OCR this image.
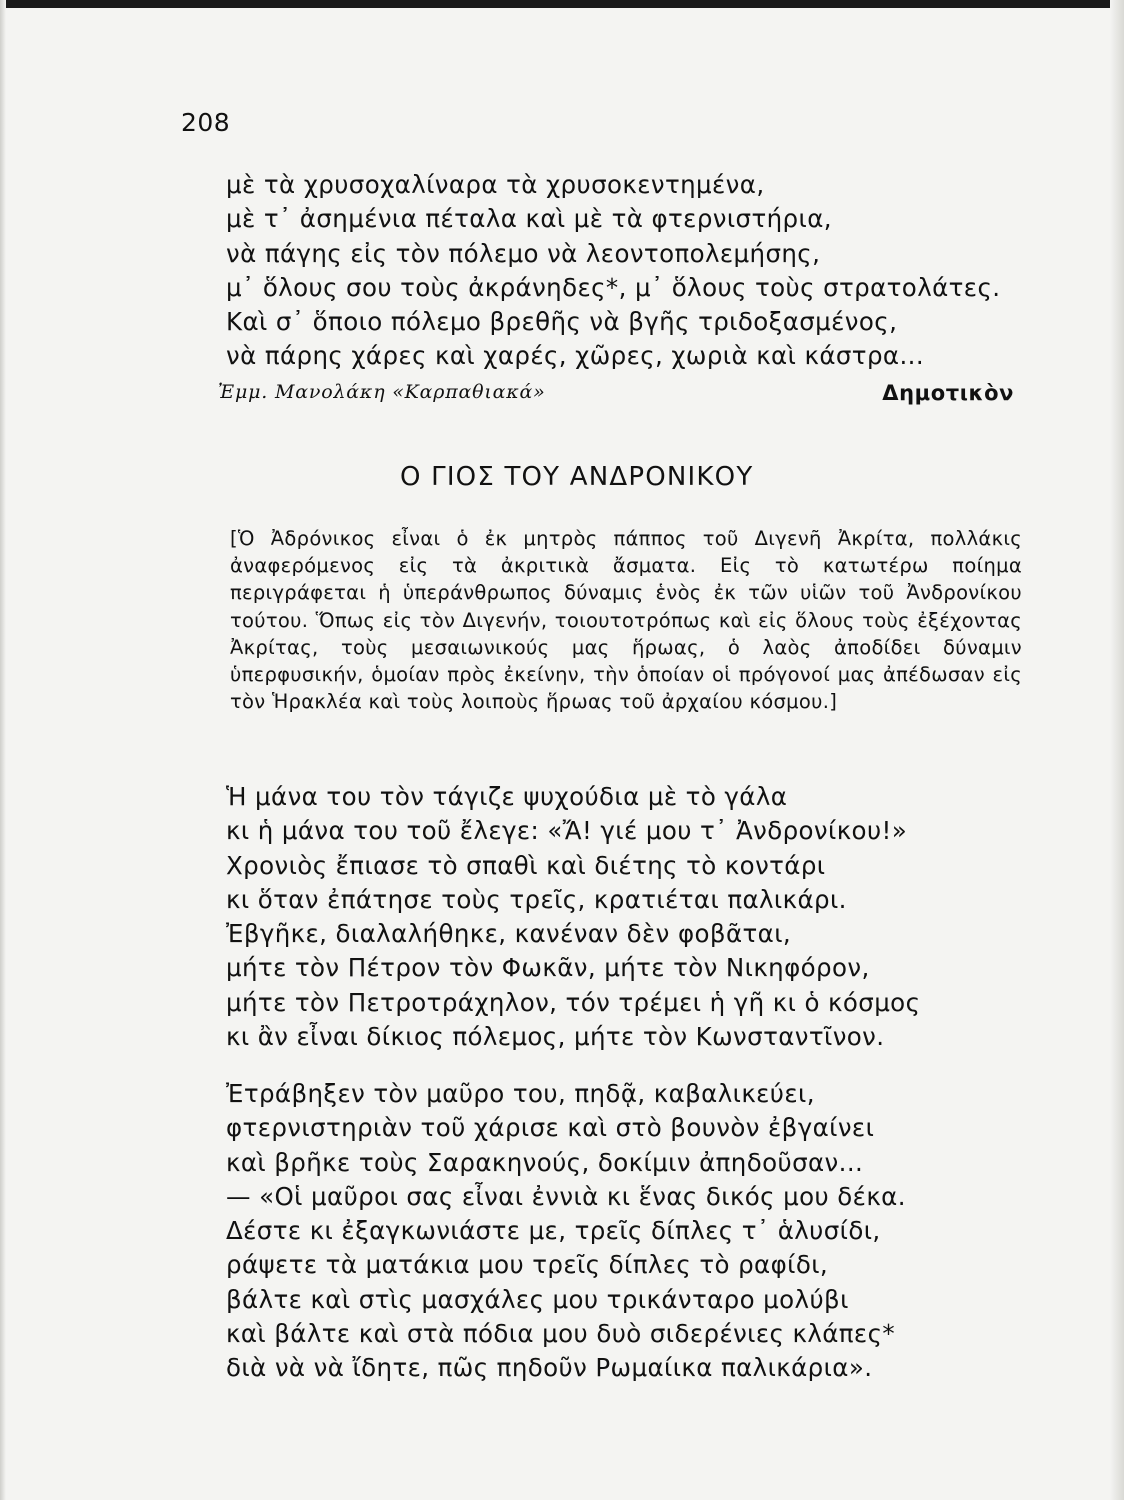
208
μὲ τὰ χρυσοχαλίναρα τὰ χρυσοκεντημένα,
μὲ τ᾽ ἀσημένια πέταλα καὶ μὲ τὰ φτερνιστήρια,
νὰ πάγης εἰς τὸν πόλεμο νὰ λεοντοπολεμήσης,
μ᾽ ὅλους σου τοὺς ἀκράνηδες*, μ᾽ ὅλους τοὺς στρατολάτες.
Καὶ σ᾽ ὅποιο πόλεμο βρεθῆς νὰ βγῆς τριδοξασμένος,
νὰ πάρης χάρες καὶ χαρές, χῶρες, χωριὰ καὶ κάστρα...
Ἐμμ. Μανολάκη «Καρπαθιακά»	Δημοτικὸν
Ο ΓΙΟΣ ΤΟΥ ΑΝΔΡΟΝΙΚΟΥ
[Ὁ Ἀδρόνικος εἶναι ὁ ἐκ μητρὸς πάππος τοῦ Διγενῆ Ἀκρίτα, πολλάκις ἀναφερόμενος εἰς τὰ ἀκριτικὰ ἄσματα. Εἰς τὸ κατωτέρω ποίημα περιγράφεται ἡ ὑπεράνθρωπος δύναμις ἑνὸς ἐκ τῶν υἱῶν τοῦ Ἀνδρονίκου τούτου. Ὅπως εἰς τὸν Διγενήν, τοιουτοτρόπως καὶ εἰς ὅλους τοὺς ἐξέχοντας Ἀκρίτας, τοὺς μεσαιωνικούς μας ἥρωας, ὁ λαὸς ἀποδίδει δύναμιν ὑπερφυσικήν, ὁμοίαν πρὸς ἐκείνην, τὴν ὁποίαν οἱ πρόγονοί μας ἀπέδωσαν εἰς τὸν Ἡρακλέα καὶ τοὺς λοιποὺς ἥρωας τοῦ ἀρχαίου κόσμου.]
Ἡ μάνα του τὸν τάγιζε ψυχούδια μὲ τὸ γάλα
κι ἡ μάνα του τοῦ ἔλεγε: «Ἄ! γιέ μου τ᾽ Ἀνδρονίκου!»
Χρονιὸς ἔπιασε τὸ σπαθὶ καὶ διέτης τὸ κοντάρι
κι ὅταν ἐπάτησε τοὺς τρεῖς, κρατιέται παλικάρι.
Ἐβγῆκε, διαλαλήθηκε, κανέναν δὲν φοβᾶται,
μήτε τὸν Πέτρον τὸν Φωκᾶν, μήτε τὸν Νικηφόρον,
μήτε τὸν Πετροτράχηλον, τόν τρέμει ἡ γῆ κι ὁ κόσμος
κι ἂν εἶναι δίκιος πόλεμος, μήτε τὸν Κωνσταντῖνον.
Ἐτράβηξεν τὸν μαῦρο του, πηδᾷ, καβαλικεύει,
φτερνιστηριὰν τοῦ χάρισε καὶ στὸ βουνὸν ἐβγαίνει
καὶ βρῆκε τοὺς Σαρακηνούς, δοκίμιν ἀπηδοῦσαν...
— «Οἱ μαῦροι σας εἶναι ἐννιὰ κι ἕνας δικός μου δέκα.
Δέστε κι ἐξαγκωνιάστε με, τρεῖς δίπλες τ᾽ ἁλυσίδι,
ράψετε τὰ ματάκια μου τρεῖς δίπλες τὸ ραφίδι,
βάλτε καὶ στὶς μασχάλες μου τρικάνταρο μολύβι
καὶ βάλτε καὶ στὰ πόδια μου δυὸ σιδερένιες κλάπες*
διὰ νὰ νὰ ἴδητε, πῶς πηδοῦν Ρωμαίικα παλικάρια».
